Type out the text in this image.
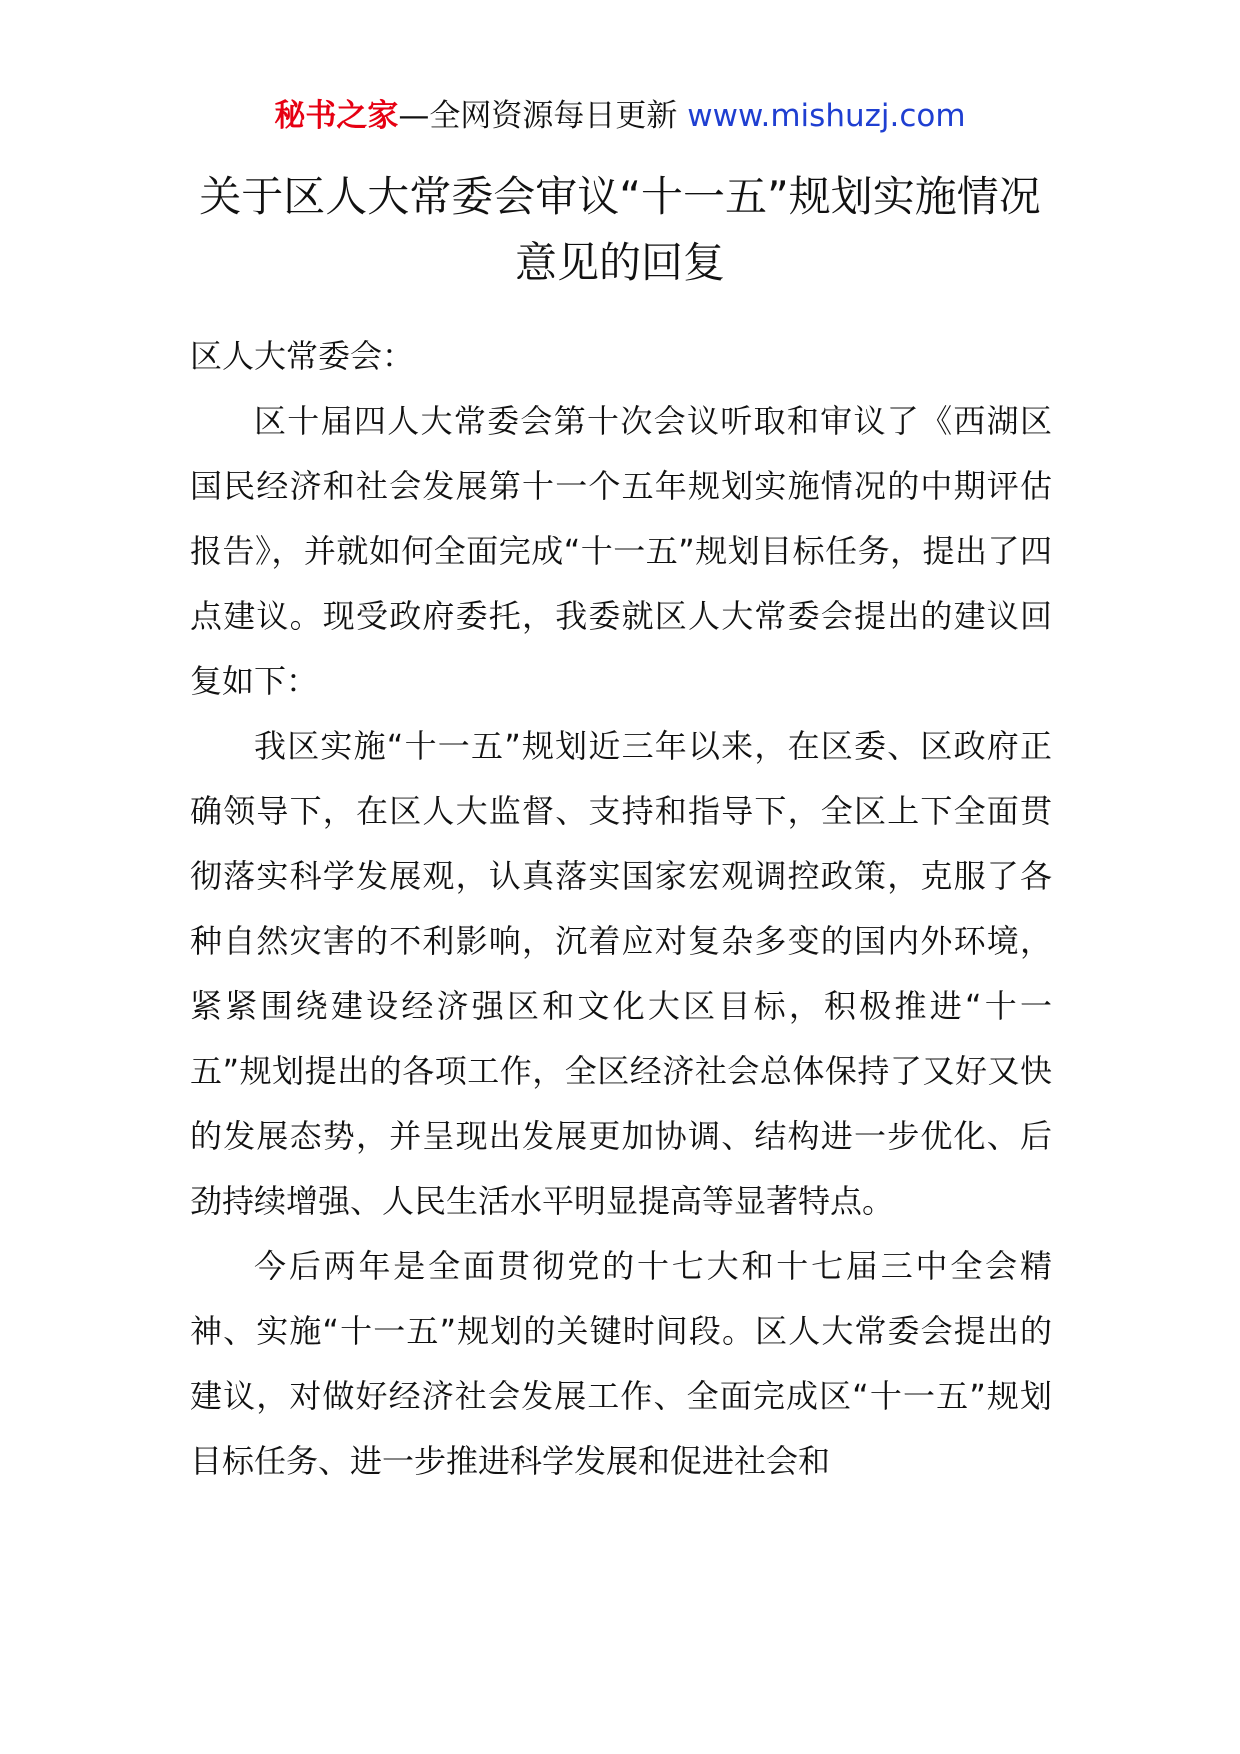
秘书之家—全网资源每日更新 www.mishuzj.com
关于区人大常委会审议“十一五”规划实施情况意见的回复

区人大常委会：

区十届四人大常委会第十次会议听取和审议了《西湖区国民经济和社会发展第十一个五年规划实施情况的中期评估报告》，并就如何全面完成“十一五”规划目标任务，提出了四点建议。现受政府委托，我委就区人大常委会提出的建议回复如下：

我区实施“十一五”规划近三年以来，在区委、区政府正确领导下，在区人大监督、支持和指导下，全区上下全面贯彻落实科学发展观，认真落实国家宏观调控政策，克服了各种自然灾害的不利影响，沉着应对复杂多变的国内外环境，紧紧围绕建设经济强区和文化大区目标，积极推进“十一五”规划提出的各项工作，全区经济社会总体保持了又好又快的发展态势，并呈现出发展更加协调、结构进一步优化、后劲持续增强、人民生活水平明显提高等显著特点。

今后两年是全面贯彻党的十七大和十七届三中全会精神、实施“十一五”规划的关键时间段。区人大常委会提出的建议，对做好经济社会发展工作、全面完成区“十一五”规划目标任务、进一步推进科学发展和促进社会和
